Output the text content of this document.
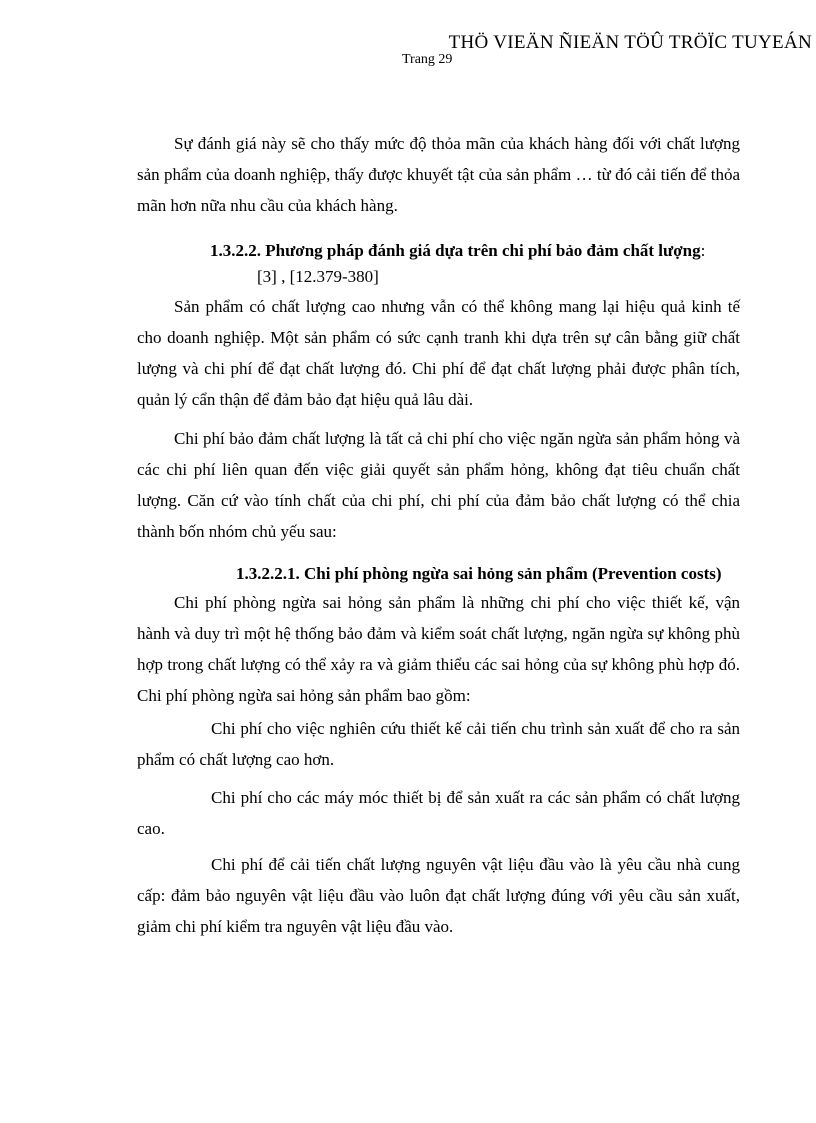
THÖ VIEÄN ÑIEÄN TÖÛ TRÖÏC TUYEÁN
Trang 29

Sự đánh giá này sẽ cho thấy mức độ thỏa mãn của khách hàng đối với chất lượng sản phẩm của doanh nghiệp, thấy được khuyết tật của sản phẩm … từ đó cải tiến để thỏa mãn hơn nữa nhu cầu của khách hàng.

1.3.2.2. Phương pháp đánh giá dựa trên chi phí bảo đảm chất lượng:

[3] , [12.379-380]

Sản phẩm có chất lượng cao nhưng vẫn có thể không mang lại hiệu quả kinh tế cho doanh nghiệp. Một sản phẩm có sức cạnh tranh khi dựa trên sự cân bằng giữ chất lượng và chi phí để đạt chất lượng đó. Chi phí để đạt chất lượng phải được phân tích, quản lý cẩn thận để đảm bảo đạt hiệu quả lâu dài.

Chi phí bảo đảm chất lượng là tất cả chi phí cho việc ngăn ngừa sản phẩm hỏng và các chi phí liên quan đến việc giải quyết sản phẩm hỏng, không đạt tiêu chuẩn chất lượng. Căn cứ vào tính chất của chi phí, chi phí của đảm bảo chất lượng có thể chia thành bốn nhóm chủ yếu sau:

1.3.2.2.1. Chi phí phòng ngừa sai hỏng sản phẩm (Prevention costs)

Chi phí phòng ngừa sai hỏng sản phẩm là những chi phí cho việc thiết kế, vận hành và duy trì một hệ thống bảo đảm và kiểm soát chất lượng, ngăn ngừa sự không phù hợp trong chất lượng có thể xảy ra và giảm thiểu các sai hỏng của sự không phù hợp đó. Chi phí phòng ngừa sai hỏng sản phẩm bao gồm:

Chi phí cho việc nghiên cứu thiết kế cải tiến chu trình sản xuất để cho ra sản phẩm có chất lượng cao hơn.

Chi phí cho các máy móc thiết bị để sản xuất ra các sản phẩm có chất lượng cao.

Chi phí để cải tiến chất lượng nguyên vật liệu đầu vào là yêu cầu nhà cung cấp: đảm bảo nguyên vật liệu đầu vào luôn đạt chất lượng đúng với yêu cầu sản xuất, giảm chi phí kiểm tra nguyên vật liệu đầu vào.
